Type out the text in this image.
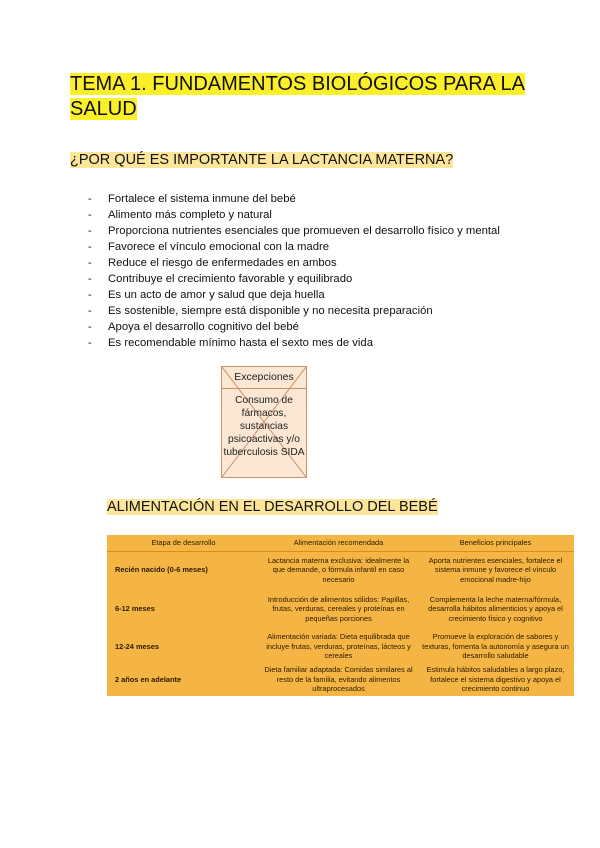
TEMA 1. FUNDAMENTOS BIOLÓGICOS PARA LA SALUD
¿POR QUÉ ES IMPORTANTE LA LACTANCIA MATERNA?
- Fortalece el sistema inmune del bebé
- Alimento más completo y natural
- Proporciona nutrientes esenciales que promueven el desarrollo físico y mental
- Favorece el vínculo emocional con la madre
- Reduce el riesgo de enfermedades en ambos
- Contribuye el crecimiento favorable y equilibrado
- Es un acto de amor y salud que deja huella
- Es sostenible, siempre está disponible y no necesita preparación
- Apoya el desarrollo cognitivo del bebé
- Es recomendable mínimo hasta el sexto mes de vida
Excepciones
Consumo de fármacos, sustancias psicoactivas y/o tuberculosis SIDA
ALIMENTACIÓN EN EL DESARROLLO DEL BEBÉ
Etapa de desarrollo	Alimentación recomendada	Beneficios principales
Recién nacido (0-6 meses)	Lactancia materna exclusiva: idealmente la que demande, o fórmula infantil en caso necesario	Aporta nutrientes esenciales, fortalece el sistema inmune y favorece el vínculo emocional madre-hijo
6-12 meses	Introducción de alimentos sólidos: Papillas, frutas, verduras, cereales y proteínas en pequeñas porciones	Complementa la leche materna/fórmula, desarrolla hábitos alimenticios y apoya el crecimiento físico y cognitivo
12-24 meses	Alimentación variada: Dieta equilibrada que incluye frutas, verduras, proteínas, lácteos y cereales	Promueve la exploración de sabores y texturas, fomenta la autonomía y asegura un desarrollo saludable
2 años en adelante	Dieta familiar adaptada: Comidas similares al resto de la familia, evitando alimentos ultraprocesados	Estimula hábitos saludables a largo plazo, fortalece el sistema digestivo y apoya el crecimiento continuo
